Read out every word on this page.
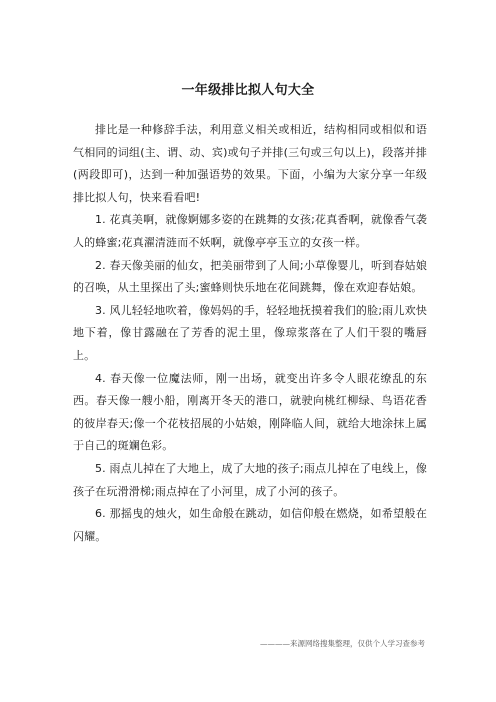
一年级排比拟人句大全

排比是一种修辞手法，利用意义相关或相近，结构相同或相似和语气相同的词组(主、谓、动、宾)或句子并排(三句或三句以上)，段落并排(两段即可)，达到一种加强语势的效果。下面，小编为大家分享一年级排比拟人句，快来看看吧!

1. 花真美啊，就像婀娜多姿的在跳舞的女孩;花真香啊，就像香气袭人的蜂蜜;花真濯清涟而不妖啊，就像亭亭玉立的女孩一样。

2. 春天像美丽的仙女，把美丽带到了人间;小草像婴儿，听到春姑娘的召唤，从土里探出了头;蜜蜂则快乐地在花间跳舞，像在欢迎春姑娘。

3. 风儿轻轻地吹着，像妈妈的手，轻轻地抚摸着我们的脸;雨儿欢快地下着，像甘露融在了芳香的泥土里，像琼浆落在了人们干裂的嘴唇上。

4. 春天像一位魔法师，刚一出场，就变出许多令人眼花缭乱的东西。春天像一艘小船，刚离开冬天的港口，就驶向桃红柳绿、鸟语花香的彼岸春天;像一个花枝招展的小姑娘，刚降临人间，就给大地涂抹上属于自己的斑斓色彩。

5. 雨点儿掉在了大地上，成了大地的孩子;雨点儿掉在了电线上，像孩子在玩滑滑梯;雨点掉在了小河里，成了小河的孩子。

6. 那摇曳的烛火，如生命般在跳动，如信仰般在燃烧，如希望般在闪耀。

————来源网络搜集整理，仅供个人学习查参考
